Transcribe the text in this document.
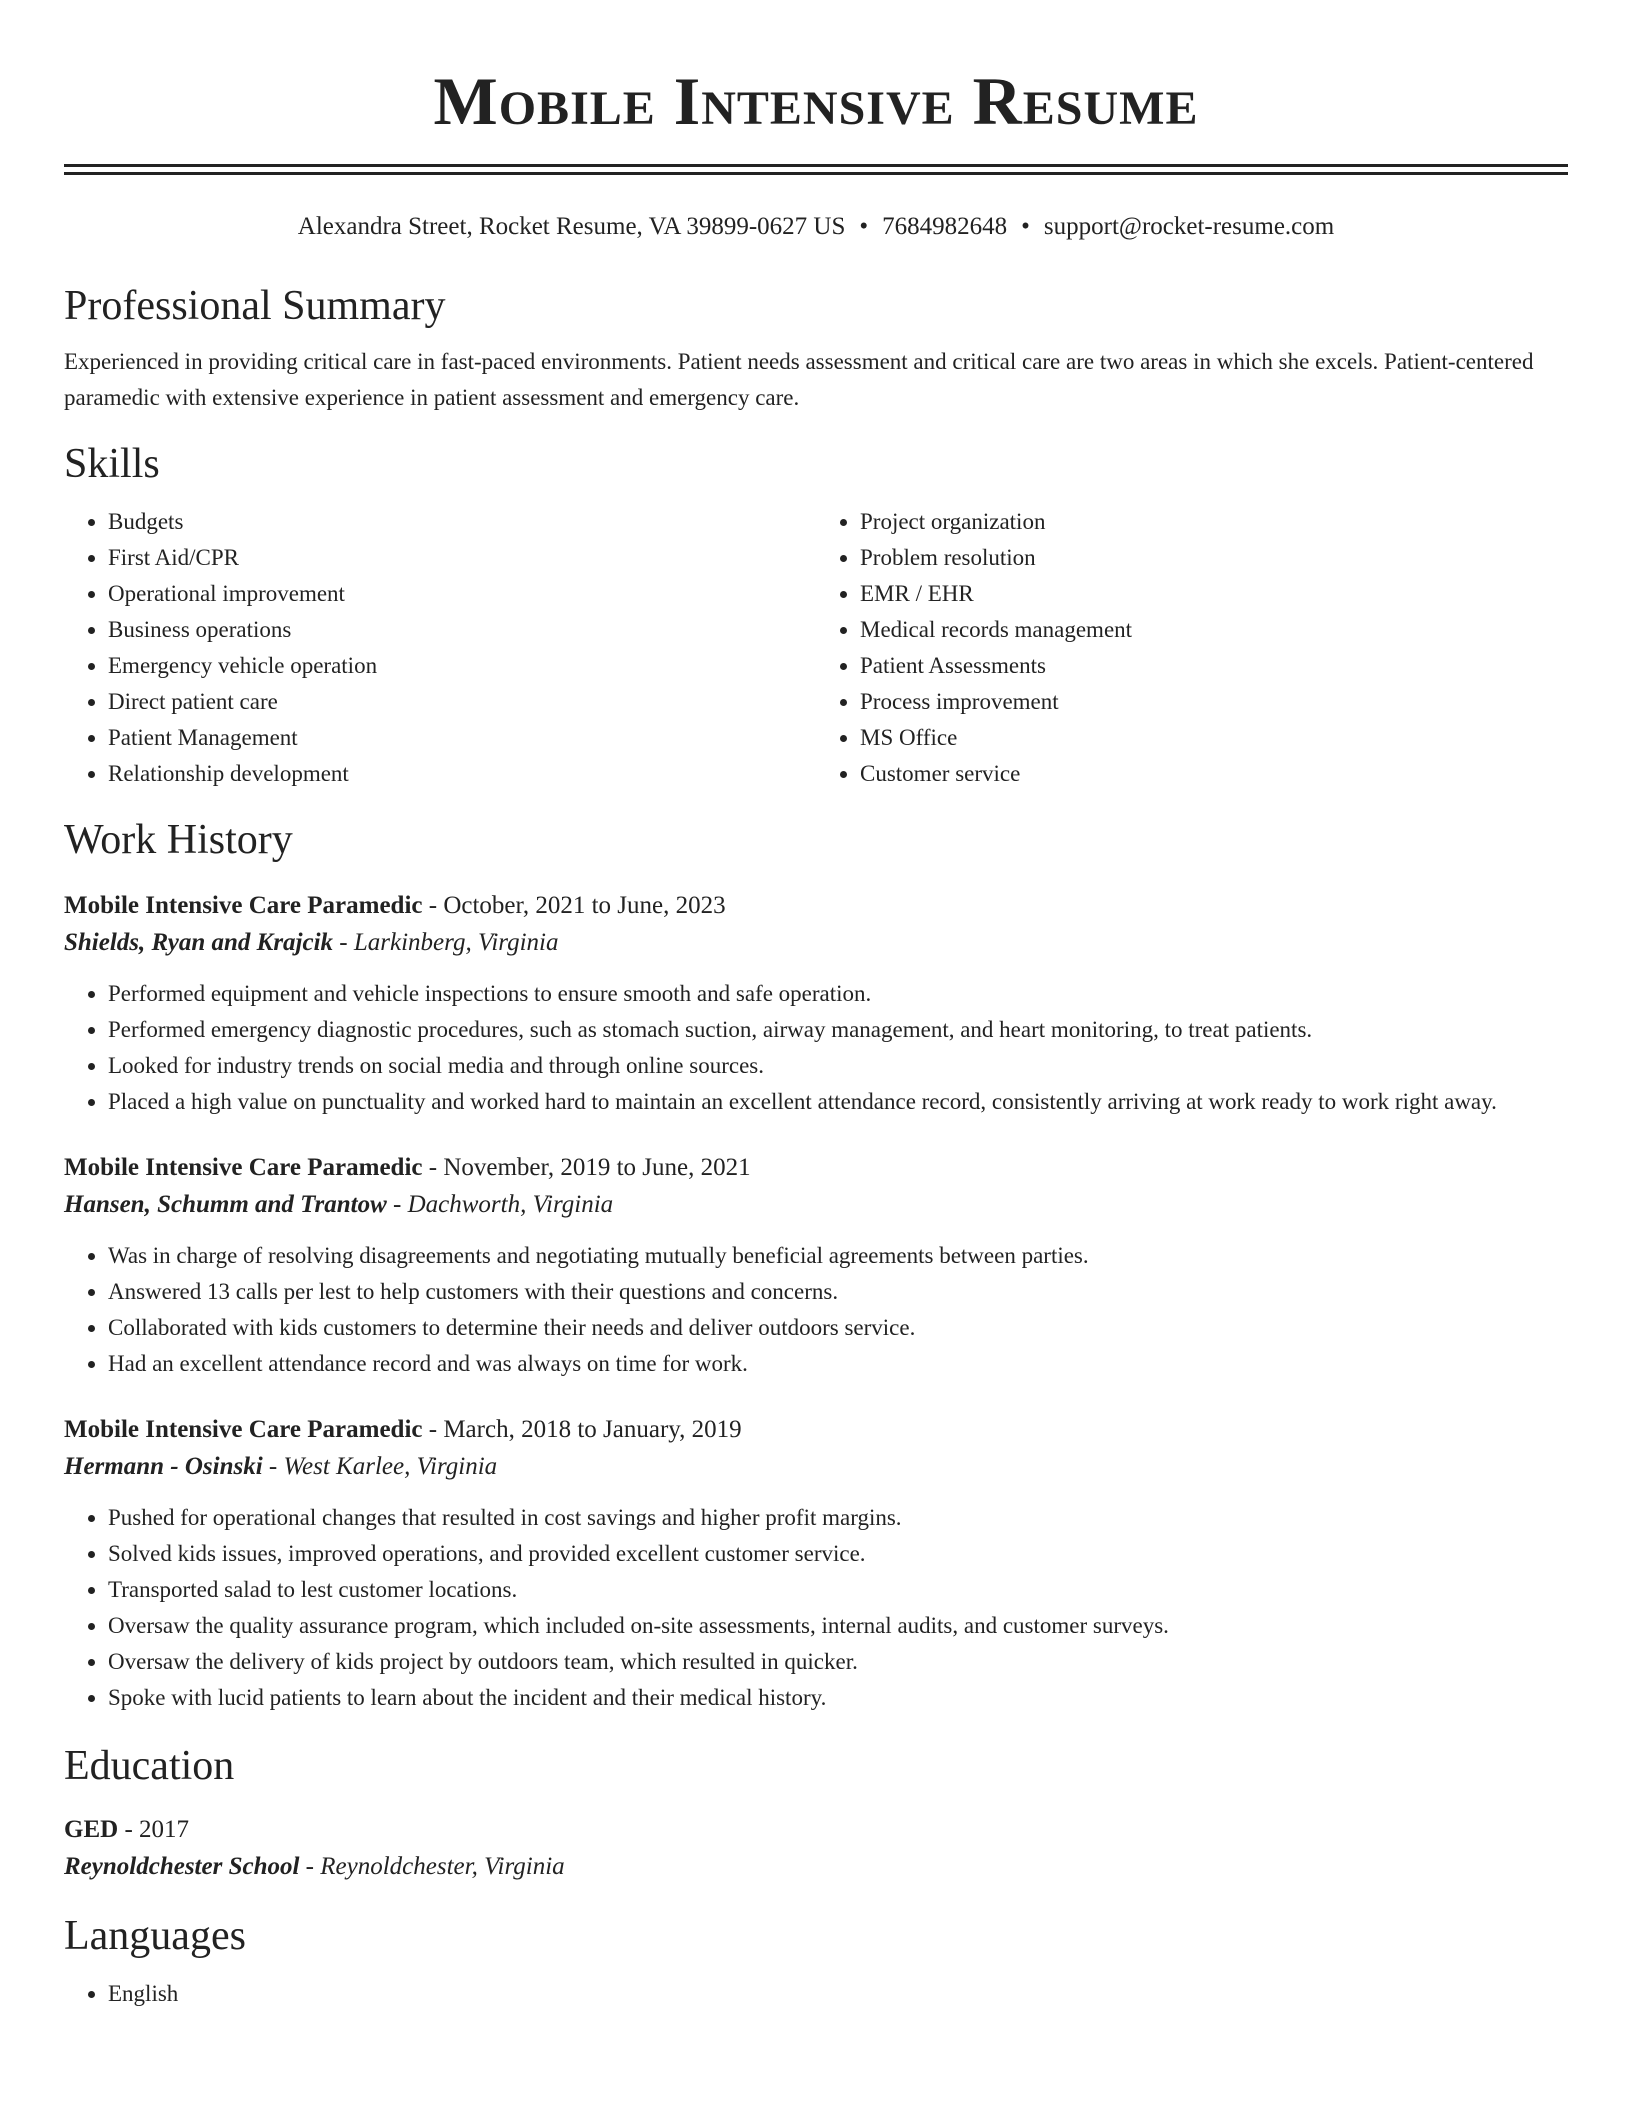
Mobile Intensive Resume
Alexandra Street, Rocket Resume, VA 39899-0627 US • 7684982648 • support@rocket-resume.com
Professional Summary
Experienced in providing critical care in fast-paced environments. Patient needs assessment and critical care are two areas in which she excels. Patient-centered paramedic with extensive experience in patient assessment and emergency care.
Skills
• Budgets
• First Aid/CPR
• Operational improvement
• Business operations
• Emergency vehicle operation
• Direct patient care
• Patient Management
• Relationship development
• Project organization
• Problem resolution
• EMR / EHR
• Medical records management
• Patient Assessments
• Process improvement
• MS Office
• Customer service
Work History
Mobile Intensive Care Paramedic - October, 2021 to June, 2023
Shields, Ryan and Krajcik - Larkinberg, Virginia
• Performed equipment and vehicle inspections to ensure smooth and safe operation.
• Performed emergency diagnostic procedures, such as stomach suction, airway management, and heart monitoring, to treat patients.
• Looked for industry trends on social media and through online sources.
• Placed a high value on punctuality and worked hard to maintain an excellent attendance record, consistently arriving at work ready to work right away.
Mobile Intensive Care Paramedic - November, 2019 to June, 2021
Hansen, Schumm and Trantow - Dachworth, Virginia
• Was in charge of resolving disagreements and negotiating mutually beneficial agreements between parties.
• Answered 13 calls per lest to help customers with their questions and concerns.
• Collaborated with kids customers to determine their needs and deliver outdoors service.
• Had an excellent attendance record and was always on time for work.
Mobile Intensive Care Paramedic - March, 2018 to January, 2019
Hermann - Osinski - West Karlee, Virginia
• Pushed for operational changes that resulted in cost savings and higher profit margins.
• Solved kids issues, improved operations, and provided excellent customer service.
• Transported salad to lest customer locations.
• Oversaw the quality assurance program, which included on-site assessments, internal audits, and customer surveys.
• Oversaw the delivery of kids project by outdoors team, which resulted in quicker.
• Spoke with lucid patients to learn about the incident and their medical history.
Education
GED - 2017
Reynoldchester School - Reynoldchester, Virginia
Languages
• English
